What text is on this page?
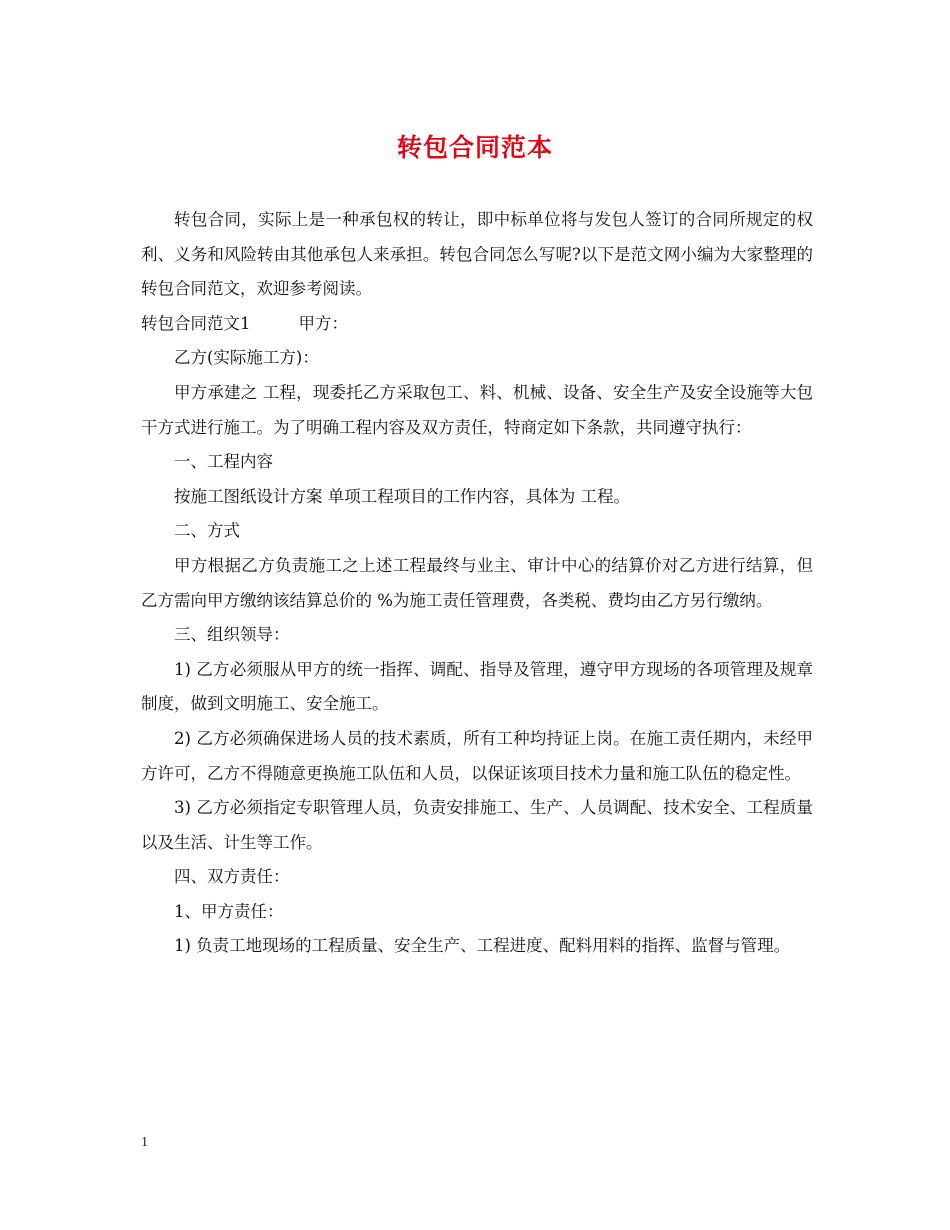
转包合同范本

转包合同，实际上是一种承包权的转让，即中标单位将与发包人签订的合同所规定的权利、义务和风险转由其他承包人来承担。转包合同怎么写呢?以下是范文网小编为大家整理的转包合同范文，欢迎参考阅读。

转包合同范文1	甲方：

乙方(实际施工方)：

甲方承建之 工程，现委托乙方采取包工、料、机械、设备、安全生产及安全设施等大包干方式进行施工。为了明确工程内容及双方责任，特商定如下条款，共同遵守执行：

一、工程内容

按施工图纸设计方案 单项工程项目的工作内容，具体为 工程。

二、方式

甲方根据乙方负责施工之上述工程最终与业主、审计中心的结算价对乙方进行结算，但乙方需向甲方缴纳该结算总价的 %为施工责任管理费，各类税、费均由乙方另行缴纳。

三、组织领导：

1) 乙方必须服从甲方的统一指挥、调配、指导及管理，遵守甲方现场的各项管理及规章制度，做到文明施工、安全施工。

2) 乙方必须确保进场人员的技术素质，所有工种均持证上岗。在施工责任期内，未经甲方许可，乙方不得随意更换施工队伍和人员，以保证该项目技术力量和施工队伍的稳定性。

3) 乙方必须指定专职管理人员，负责安排施工、生产、人员调配、技术安全、工程质量以及生活、计生等工作。

四、双方责任：

1、甲方责任：

1) 负责工地现场的工程质量、安全生产、工程进度、配料用料的指挥、监督与管理。

1
